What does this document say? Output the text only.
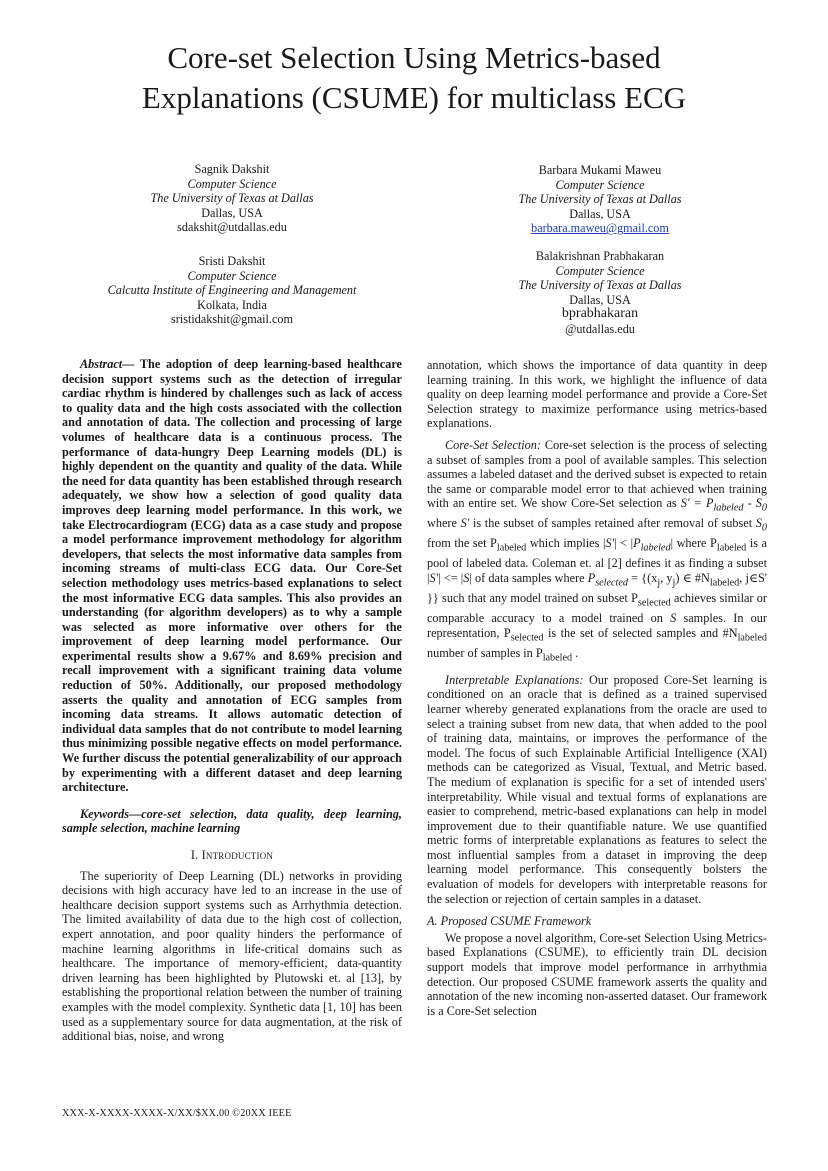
Core-set Selection Using Metrics-based
Explanations (CSUME) for multiclass ECG
Sagnik Dakshit
Computer Science
The University of Texas at Dallas
Dallas, USA
sdakshit@utdallas.edu
Sristi Dakshit
Computer Science
Calcutta Institute of Engineering and Management
Kolkata, India
sristidakshit@gmail.com
Barbara Mukami Maweu
Computer Science
The University of Texas at Dallas
Dallas, USA
barbara.maweu@gmail.com
Balakrishnan Prabhakaran
Computer Science
The University of Texas at Dallas
Dallas, USA
bprabhakaran
@utdallas.edu

Abstract— The adoption of deep learning-based healthcare decision support systems such as the detection of irregular cardiac rhythm is hindered by challenges such as lack of access to quality data and the high costs associated with the collection and annotation of data. The collection and processing of large volumes of healthcare data is a continuous process. The performance of data-hungry Deep Learning models (DL) is highly dependent on the quantity and quality of the data. While the need for data quantity has been established through research adequately, we show how a selection of good quality data improves deep learning model performance. In this work, we take Electrocardiogram (ECG) data as a case study and propose a model performance improvement methodology for algorithm developers, that selects the most informative data samples from incoming streams of multi-class ECG data. Our Core-Set selection methodology uses metrics-based explanations to select the most informative ECG data samples. This also provides an understanding (for algorithm developers) as to why a sample was selected as more informative over others for the improvement of deep learning model performance. Our experimental results show a 9.67% and 8.69% precision and recall improvement with a significant training data volume reduction of 50%. Additionally, our proposed methodology asserts the quality and annotation of ECG samples from incoming data streams. It allows automatic detection of individual data samples that do not contribute to model learning thus minimizing possible negative effects on model performance. We further discuss the potential generalizability of our approach by experimenting with a different dataset and deep learning architecture.

Keywords—core-set selection, data quality, deep learning, sample selection, machine learning

I. Introduction

The superiority of Deep Learning (DL) networks in providing decisions with high accuracy have led to an increase in the use of healthcare decision support systems such as Arrhythmia detection. The limited availability of data due to the high cost of collection, expert annotation, and poor quality hinders the performance of machine learning algorithms in life-critical domains such as healthcare. The importance of memory-efficient, data-quantity driven learning has been highlighted by Plutowski et. al [13], by establishing the proportional relation between the number of training examples with the model complexity. Synthetic data [1, 10] has been used as a supplementary source for data augmentation, at the risk of additional bias, noise, and wrong

annotation, which shows the importance of data quantity in deep learning training. In this work, we highlight the influence of data quality on deep learning model performance and provide a Core-Set Selection strategy to maximize performance using metrics-based explanations.

Core-Set Selection: Core-set selection is the process of selecting a subset of samples from a pool of available samples. This selection assumes a labeled dataset and the derived subset is expected to retain the same or comparable model error to that achieved when training with an entire set. We show Core-Set selection as $S' = P_{labeled} - S_0$ where S' is the subset of samples retained after removal of subset $S_0$ from the set $P_{labeled}$ which implies $|S'| < |P_{labeled}|$ where $P_{labeled}$ is a pool of labeled data. Coleman et. al [2] defines it as finding a subset |S'| <= |S| of data samples where $P_{selected} = \{(x_j$, $y_j$) ∈ $\#N_{labeled}$, j∈S' }} such that any model trained on subset $P_{selected}$ achieves similar or comparable accuracy to a model trained on S samples. In our representation, $P_{selected}$ is the set of selected samples and $\#N_{labeled}$ number of samples in $P_{labeled}$ .

Interpretable Explanations: Our proposed Core-Set learning is conditioned on an oracle that is defined as a trained supervised learner whereby generated explanations from the oracle are used to select a training subset from new data, that when added to the pool of training data, maintains, or improves the performance of the model. The focus of such Explainable Artificial Intelligence (XAI) methods can be categorized as Visual, Textual, and Metric based. The medium of explanation is specific for a set of intended users' interpretability. While visual and textual forms of explanations are easier to comprehend, metric-based explanations can help in model improvement due to their quantifiable nature. We use quantified metric forms of interpretable explanations as features to select the most influential samples from a dataset in improving the deep learning model performance. This consequently bolsters the evaluation of models for developers with interpretable reasons for the selection or rejection of certain samples in a dataset.

A. Proposed CSUME Framework

We propose a novel algorithm, Core-set Selection Using Metrics-based Explanations (CSUME), to efficiently train DL decision support models that improve model performance in arrhythmia detection. Our proposed CSUME framework asserts the quality and annotation of the new incoming non-asserted dataset. Our framework is a Core-Set selection

XXX-X-XXXX-XXXX-X/XX/$XX.00 ©20XX IEEE
